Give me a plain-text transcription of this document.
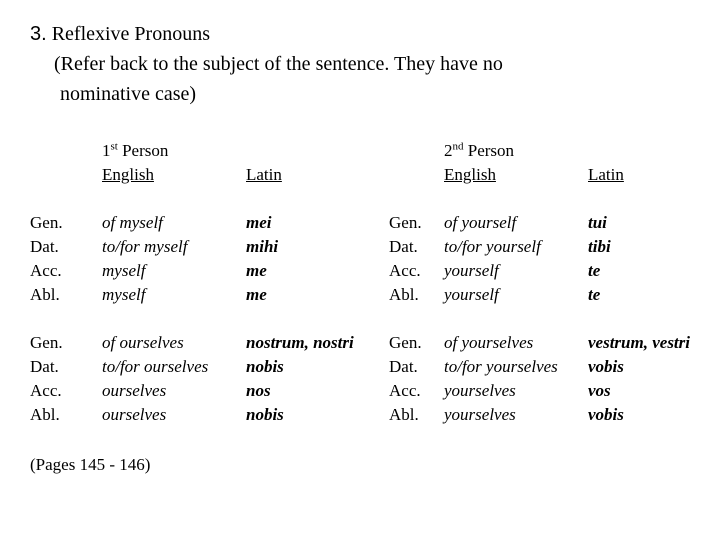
3. Reflexive Pronouns
(Refer back to the subject of the sentence. They have no
nominative case)
1st Person
English	Latin
2nd Person
English	Latin
Gen.
Dat.
Acc.
Abl.
of myself
to/for myself
myself
myself
mei
mihi
me
me
Gen.
Dat.
Acc.
Abl.
of yourself
to/for yourself
yourself
yourself
tui
tibi
te
te
Gen.
Dat.
Acc.
Abl.
of ourselves
to/for ourselves
ourselves
ourselves
nostrum, nostri
nobis
nos
nobis
Gen.
Dat.
Acc.
Abl.
of yourselves
to/for yourselves
yourselves
yourselves
vestrum, vestri
vobis
vos
vobis
(Pages 145 - 146)
